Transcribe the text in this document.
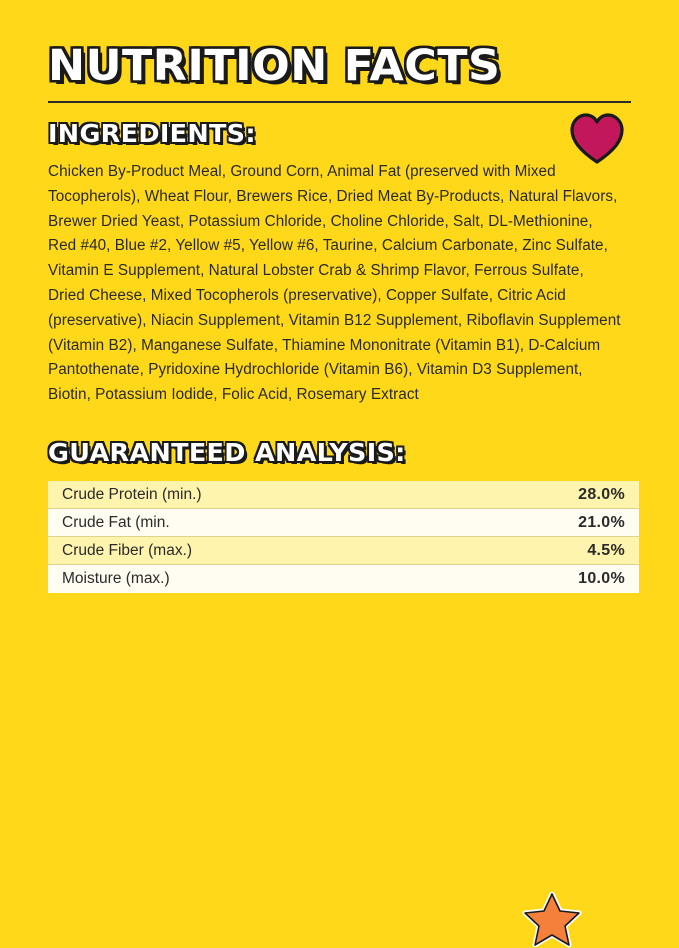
NUTRITION FACTS
INGREDIENTS:

Chicken By-Product Meal, Ground Corn, Animal Fat (preserved with Mixed Tocopherols), Wheat Flour, Brewers Rice, Dried Meat By-Products, Natural Flavors, Brewer Dried Yeast, Potassium Chloride, Choline Chloride, Salt, DL-Methionine, Red #40, Blue #2, Yellow #5, Yellow #6, Taurine, Calcium Carbonate, Zinc Sulfate, Vitamin E Supplement, Natural Lobster Crab & Shrimp Flavor, Ferrous Sulfate, Dried Cheese, Mixed Tocopherols (preservative), Copper Sulfate, Citric Acid (preservative), Niacin Supplement, Vitamin B12 Supplement, Riboflavin Supplement (Vitamin B2), Manganese Sulfate, Thiamine Mononitrate (Vitamin B1), D-Calcium Pantothenate, Pyridoxine Hydrochloride (Vitamin B6), Vitamin D3 Supplement, Biotin, Potassium Iodide, Folic Acid, Rosemary Extract

GUARANTEED ANALYSIS:
Crude Protein (min.)	28.0%
Crude Fat (min.	21.0%
Crude Fiber (max.)	4.5%
Moisture (max.)	10.0%
